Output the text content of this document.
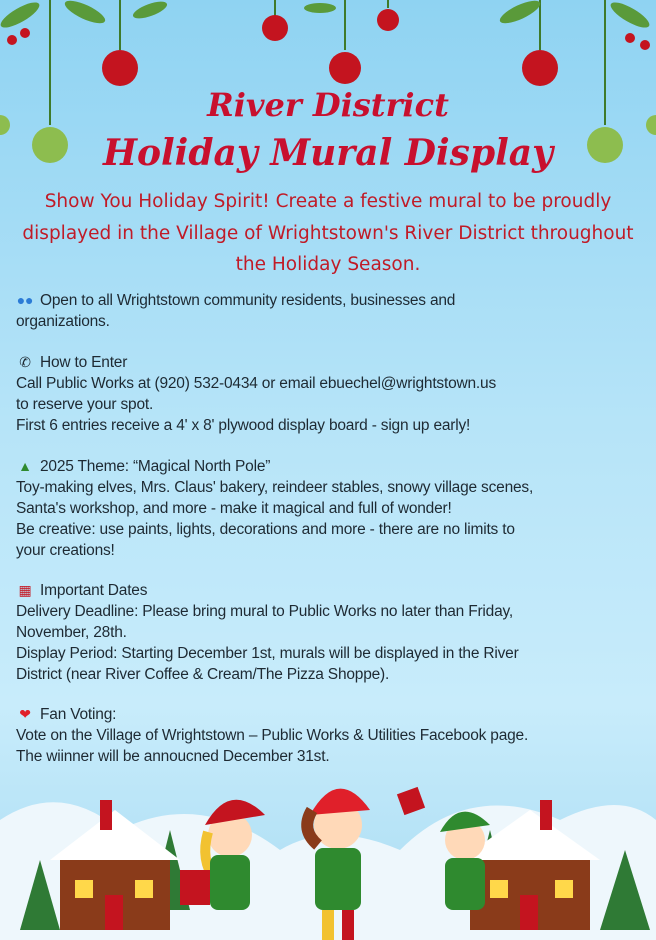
River District
Holiday Mural Display
Show You Holiday Spirit! Create a festive mural to be proudly
displayed in the Village of Wrightstown's River District throughout
the Holiday Season.
●● Open to all Wrightstown community residents, businesses and
organizations.
✆ How to Enter
Call Public Works at (920) 532-0434 or email ebuechel@wrightstown.us
to reserve your spot.
First 6 entries receive a 4' x 8' plywood display board - sign up early!
▲ 2025 Theme: “Magical North Pole”
Toy-making elves, Mrs. Claus' bakery, reindeer stables, snowy village scenes,
Santa's workshop, and more - make it magical and full of wonder!
Be creative: use paints, lights, decorations and more - there are no limits to
your creations!
▦ Important Dates
Delivery Deadline: Please bring mural to Public Works no later than Friday,
November, 28th.
Display Period: Starting December 1st, murals will be displayed in the River
District (near River Coffee & Cream/The Pizza Shoppe).
❤ Fan Voting:
Vote on the Village of Wrightstown – Public Works & Utilities Facebook page.
The wiinner will be annoucned December 31st.
